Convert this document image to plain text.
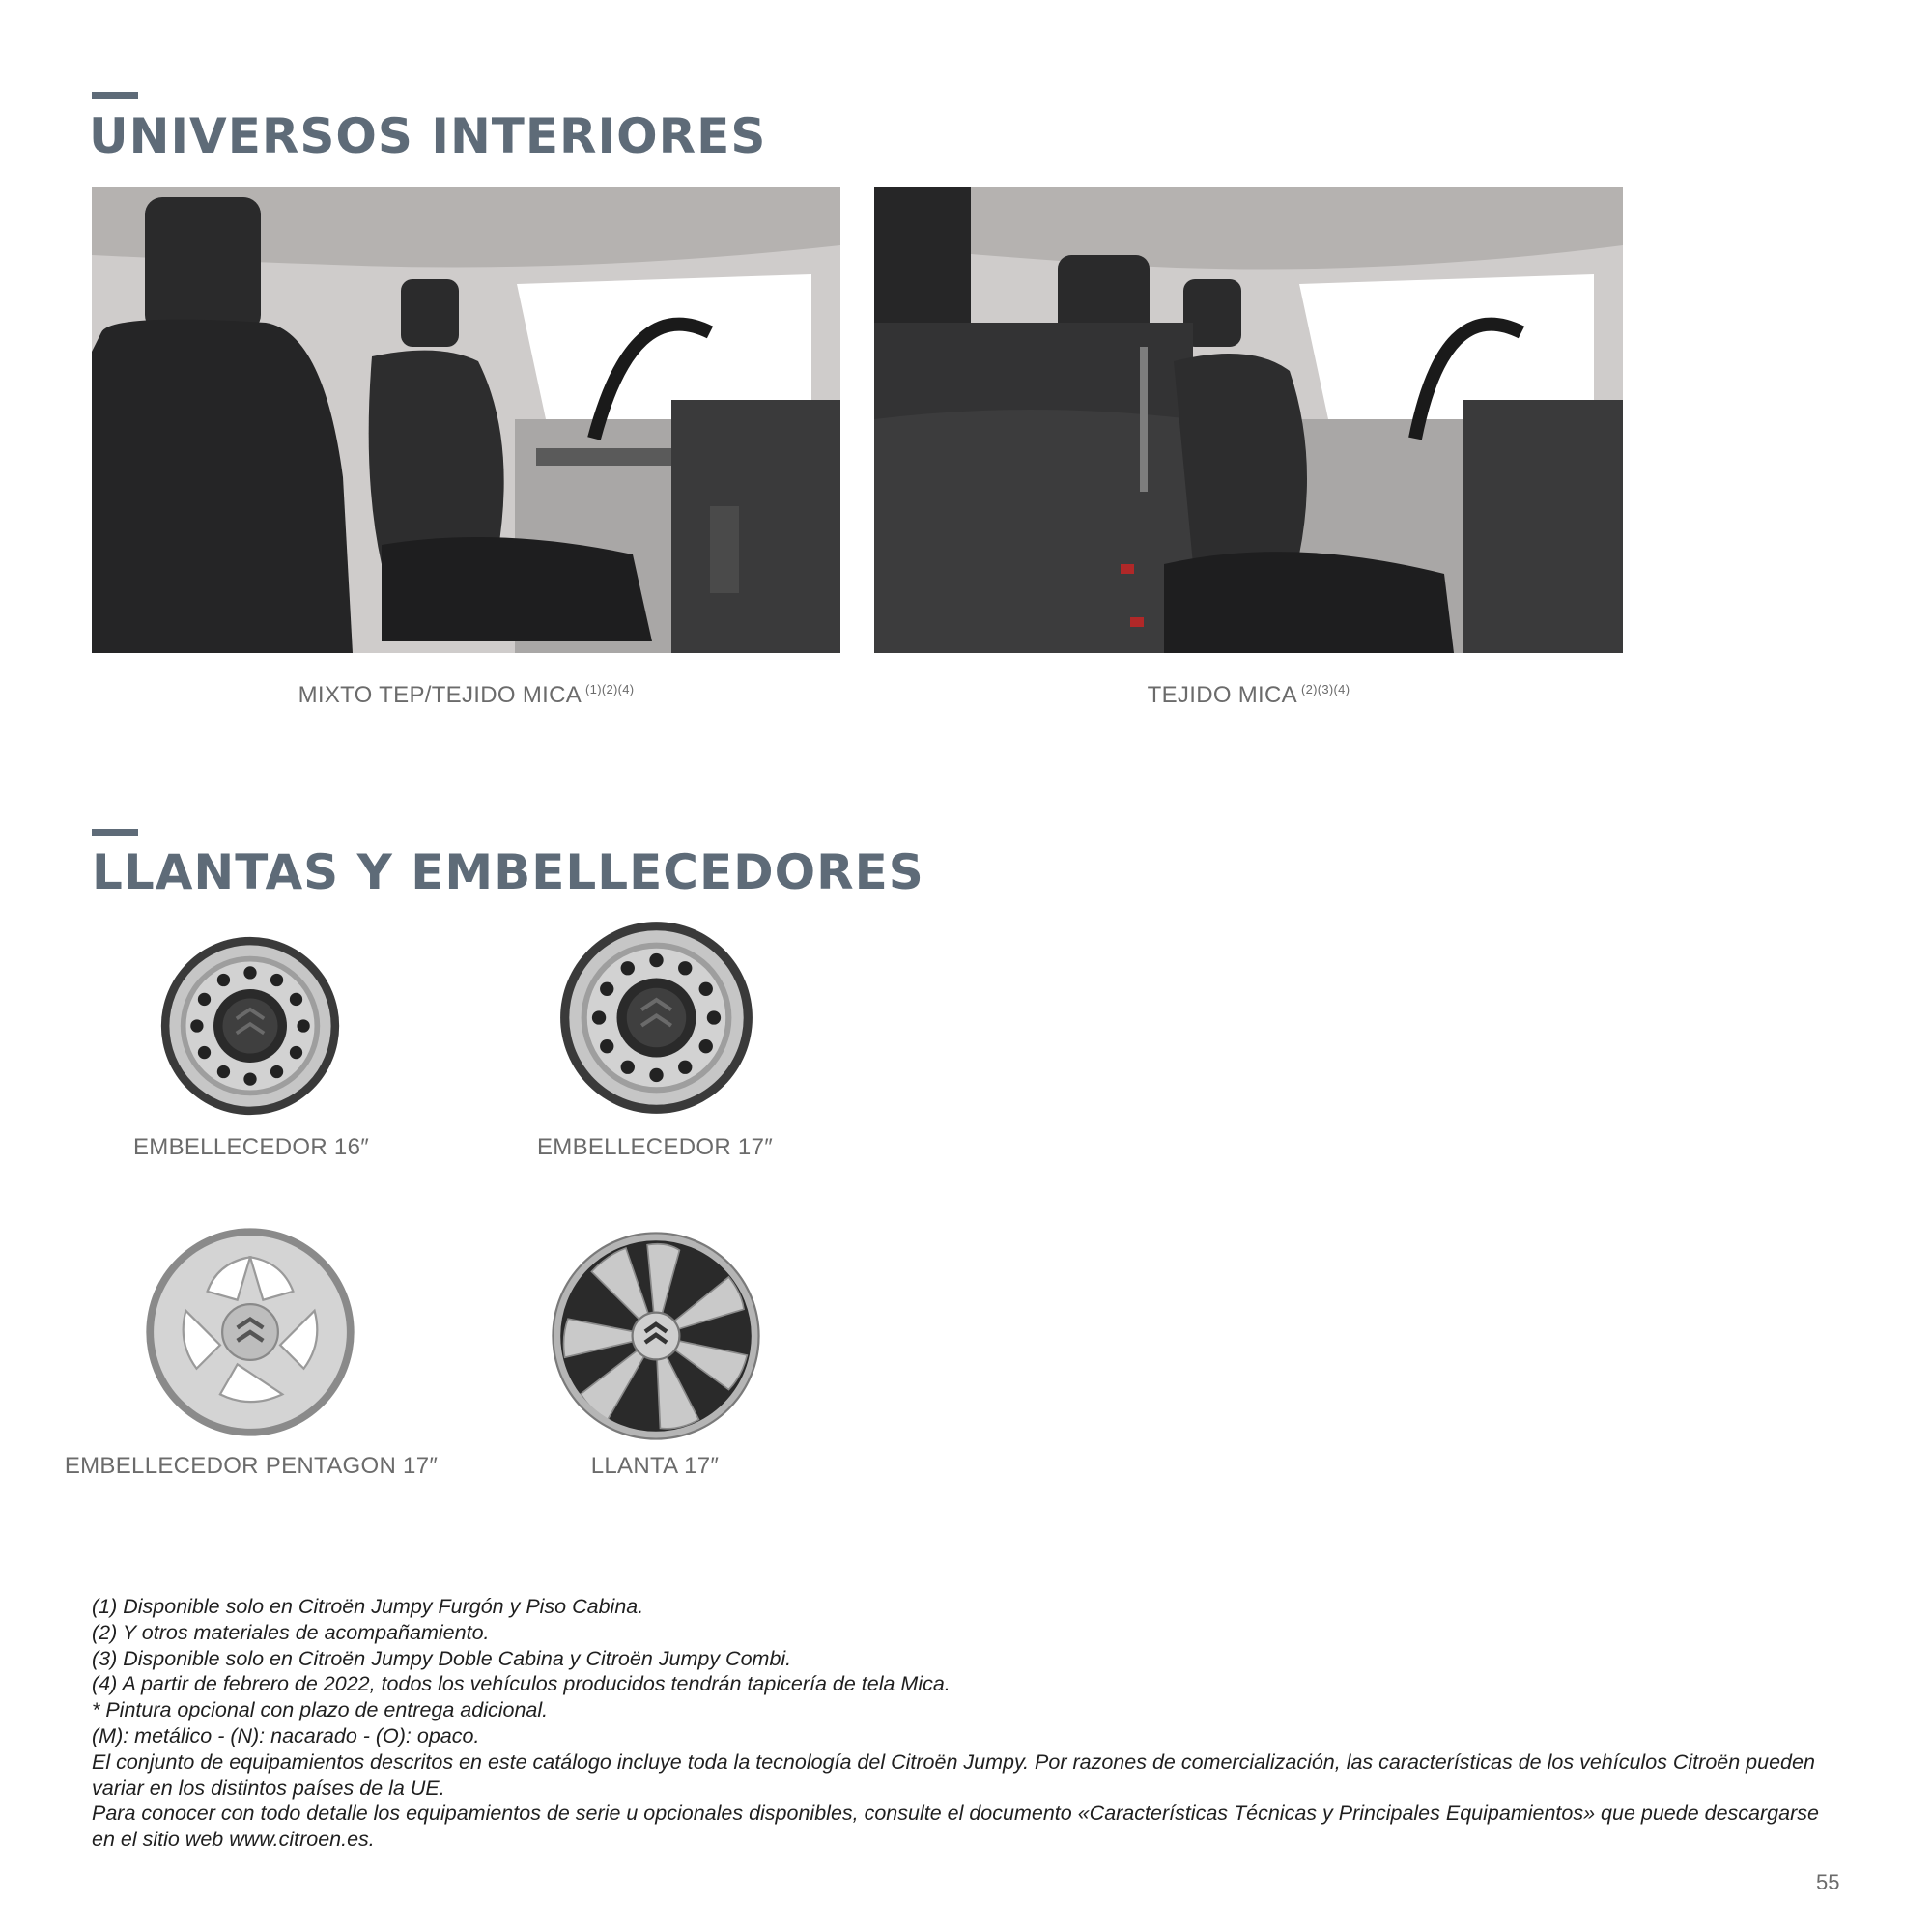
UNIVERSOS INTERIORES
MIXTO TEP/TEJIDO MICA $^{(1)(2)(4)}$	TEJIDO MICA $^{(2)(3)(4)}$
LLANTAS Y EMBELLECEDORES
EMBELLECEDOR 16″	EMBELLECEDOR 17″
EMBELLECEDOR PENTAGON 17″	LLANTA 17″

(1) Disponible solo en Citroën Jumpy Furgón y Piso Cabina.

(2) Y otros materiales de acompañamiento.

(3) Disponible solo en Citroën Jumpy Doble Cabina y Citroën Jumpy Combi.

(4) A partir de febrero de 2022, todos los vehículos producidos tendrán tapicería de tela Mica.

* Pintura opcional con plazo de entrega adicional.

(M): metálico - (N): nacarado - (O): opaco.

El conjunto de equipamientos descritos en este catálogo incluye toda la tecnología del Citroën Jumpy. Por razones de comercialización, las características de los vehículos Citroën pueden variar en los distintos países de la UE.

Para conocer con todo detalle los equipamientos de serie u opcionales disponibles, consulte el documento «Características Técnicas y Principales Equipamientos» que puede descargarse en el sitio web www.citroen.es.

55
